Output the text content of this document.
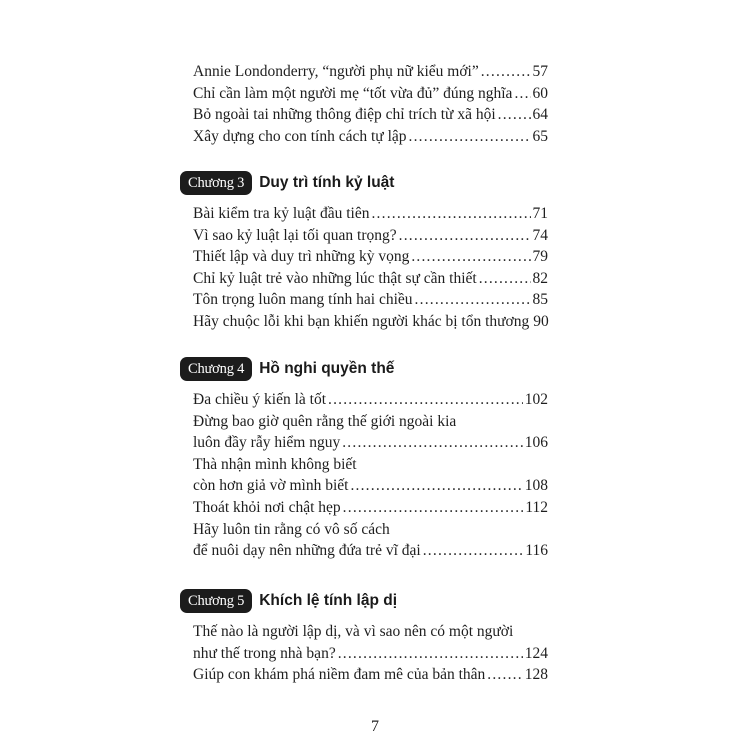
Annie Londonderry, “người phụ nữ kiểu mới” .....	57
Chỉ cần làm một người mẹ “tốt vừa đủ” đúng nghĩa ..... 60
Bỏ ngoài tai những thông điệp chỉ trích từ xã hội ..... 64
Xây dựng cho con tính cách tự lập .....	65
Chương 3 Duy trì tính kỷ luật
Bài kiểm tra kỷ luật đầu tiên .....	71
Vì sao kỷ luật lại tối quan trọng? .....	74
Thiết lập và duy trì những kỳ vọng .....	79
Chỉ kỷ luật trẻ vào những lúc thật sự cần thiết .....	82
Tôn trọng luôn mang tính hai chiều .....	85
Hãy chuộc lỗi khi bạn khiến người khác bị tổn thương 90
Chương 4 Hồ nghi quyền thế
Đa chiều ý kiến là tốt .....	102
Đừng bao giờ quên rằng thế giới ngoài kia
luôn đầy rẫy hiểm nguy .....	106
Thà nhận mình không biết
còn hơn giả vờ mình biết .....	108
Thoát khỏi nơi chật hẹp .....	112
Hãy luôn tin rằng có vô số cách
để nuôi dạy nên những đứa trẻ vĩ đại .....	116
Chương 5 Khích lệ tính lập dị
Thế nào là người lập dị, và vì sao nên có một người
như thế trong nhà bạn? .....	124
Giúp con khám phá niềm đam mê của bản thân .....	128
7
